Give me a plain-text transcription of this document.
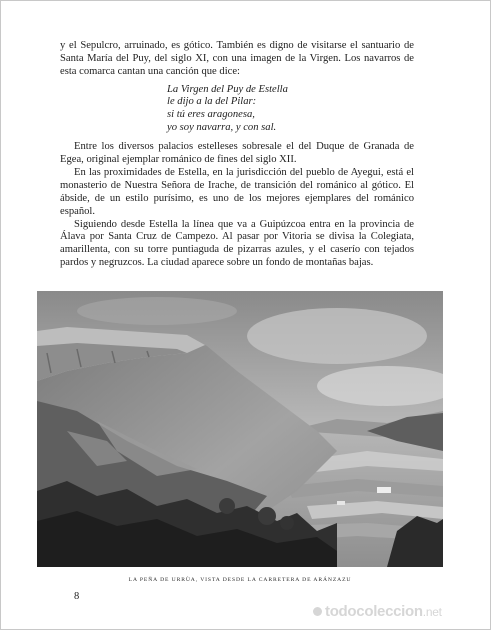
y el Sepulcro, arruinado, es gótico. También es digno de visitarse el santuario de Santa María del Puy, del siglo XI, con una imagen de la Virgen. Los navarros de esta comarca cantan una canción que dice:

La Virgen del Puy de Estella
le dijo a la del Pilar:
si tú eres aragonesa,
yo soy navarra, y con sal.

Entre los diversos palacios estelleses sobresale el del Duque de Granada de Egea, original ejemplar románico de fines del siglo XII.

En las proximidades de Estella, en la jurisdicción del pueblo de Ayegui, está el monasterio de Nuestra Señora de Irache, de transición del románico al gótico. El ábside, de un estilo purísimo, es uno de los mejores ejemplares del románico español.

Siguiendo desde Estella la línea que va a Guipúzcoa entra en la provincia de Álava por Santa Cruz de Campezo. Al pasar por Vitoria se divisa la Colegiata, amarillenta, con su torre puntiaguda de pizarras azules, y el caserío con tejados pardos y negruzcos. La ciudad aparece sobre un fondo de montañas bajas.

LA PEÑA DE URRÙA, VISTA DESDE LA CARRETERA DE ARÁNZAZU
8
todocoleccion.net
